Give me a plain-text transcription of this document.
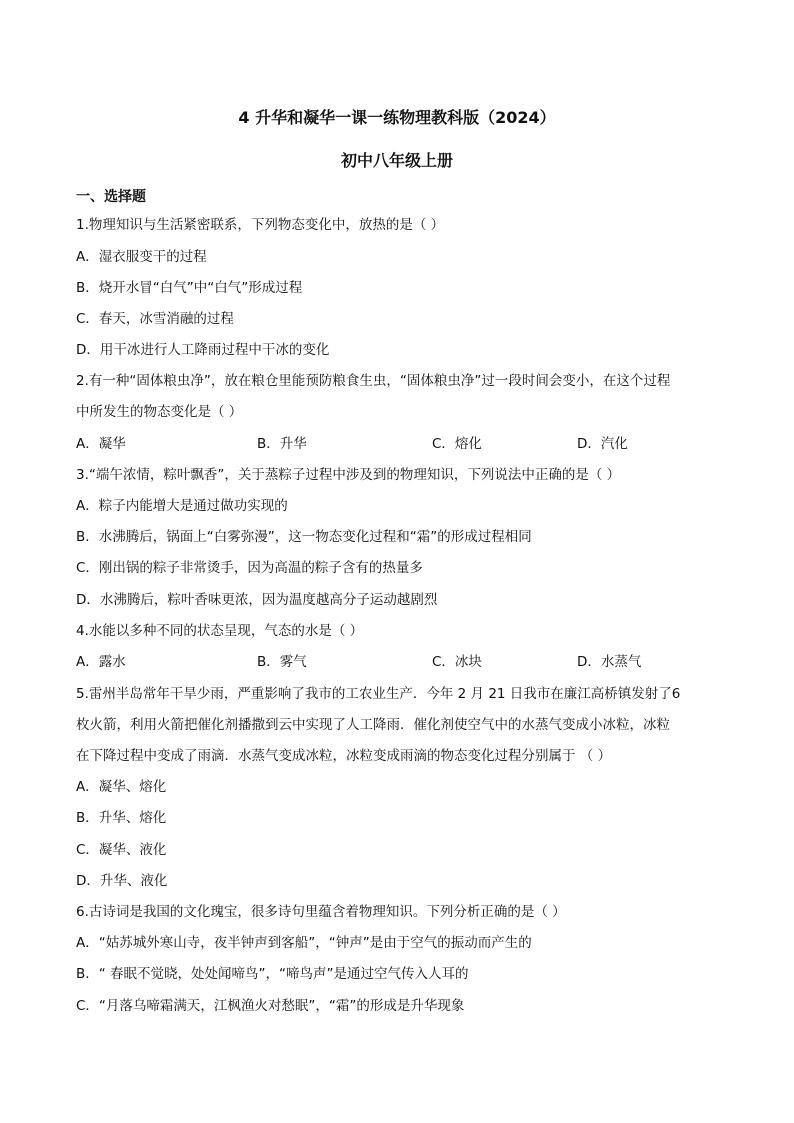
4 升华和凝华一课一练物理教科版（2024）
初中八年级上册
一、选择题
1.物理知识与生活紧密联系，下列物态变化中，放热的是（ ）
A．湿衣服变干的过程
B．烧开水冒“白气”中“白气”形成过程
C．春天，冰雪消融的过程
D．用干冰进行人工降雨过程中干冰的变化
2.有一种“固体粮虫净”，放在粮仓里能预防粮食生虫，“固体粮虫净”过一段时间会变小，在这个过程
中所发生的物态变化是（ ）
A．凝华	B．升华	C．熔化	D．汽化
3.“端午浓情，粽叶飘香”，关于蒸粽子过程中涉及到的物理知识，下列说法中正确的是（ ）
A．粽子内能增大是通过做功实现的
B．水沸腾后，锅面上“白雾弥漫”，这一物态变化过程和“霜”的形成过程相同
C．刚出锅的粽子非常烫手，因为高温的粽子含有的热量多
D．水沸腾后，粽叶香味更浓，因为温度越高分子运动越剧烈
4.水能以多种不同的状态呈现，气态的水是（ ）
A．露水	B．雾气	C．冰块	D．水蒸气
5.雷州半岛常年干旱少雨，严重影响了我市的工农业生产．今年 2 月 21 日我市在廉江高桥镇发射了6
枚火箭，利用火箭把催化剂播撒到云中实现了人工降雨．催化剂使空气中的水蒸气变成小冰粒，冰粒
在下降过程中变成了雨滴．水蒸气变成冰粒，冰粒变成雨滴的物态变化过程分别属于 （ ）
A．凝华、熔化
B．升华、熔化
C．凝华、液化
D．升华、液化
6.古诗词是我国的文化瑰宝，很多诗句里蕴含着物理知识。下列分析正确的是（ ）
A．“姑苏城外寒山寺，夜半钟声到客船”，“钟声”是由于空气的振动而产生的
B．“ 春眠不觉晓，处处闻啼鸟”，“啼鸟声”是通过空气传入人耳的
C．“月落乌啼霜满天，江枫渔火对愁眠”，“霜”的形成是升华现象
